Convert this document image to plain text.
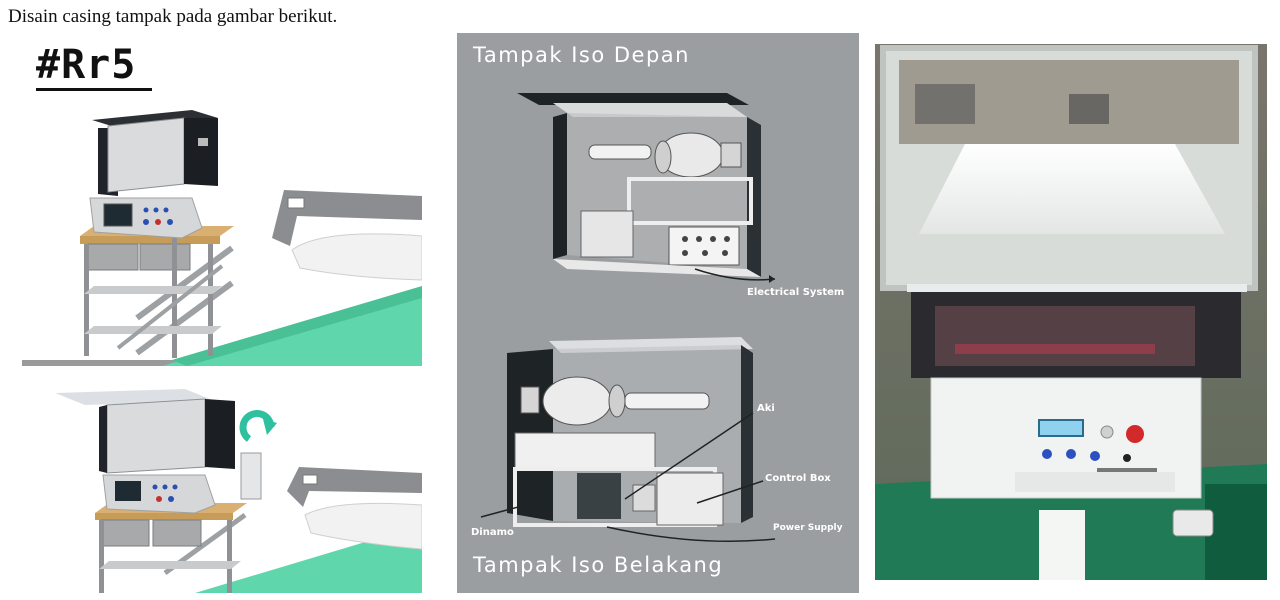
Disain casing tampak pada gambar berikut.
#Rr5	Tampak Iso Depan
Electrical System
Aki
Control Box
Dinamo	Power Supply
Tampak Iso Belakang
